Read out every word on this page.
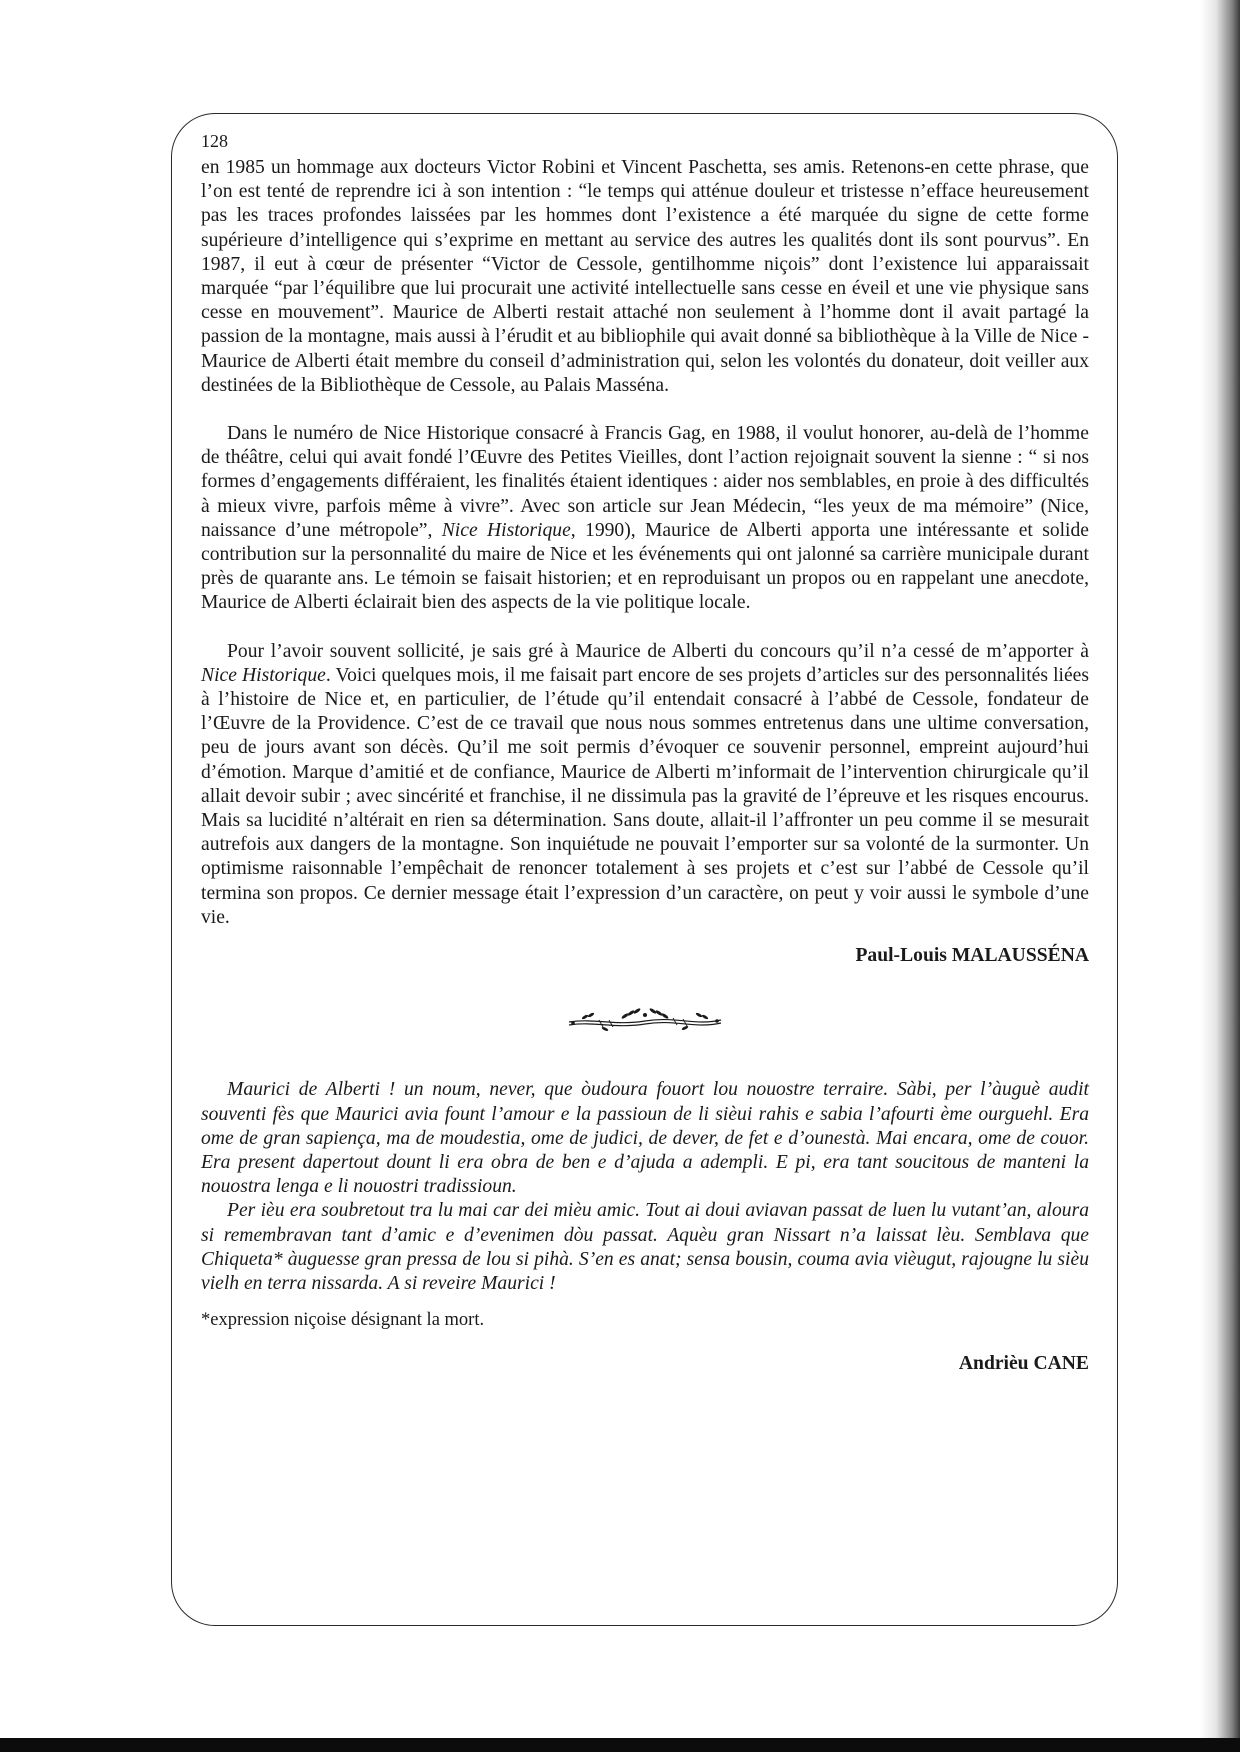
128

en 1985 un hommage aux docteurs Victor Robini et Vincent Paschetta, ses amis. Retenons-en cette phrase, que l’on est tenté de reprendre ici à son intention : “le temps qui atténue douleur et tristesse n’efface heureusement pas les traces profondes laissées par les hommes dont l’existence a été marquée du signe de cette forme supérieure d’intelligence qui s’exprime en mettant au service des autres les qualités dont ils sont pourvus”. En 1987, il eut à cœur de présenter “Victor de Cessole, gentilhomme niçois” dont l’existence lui apparaissait marquée “par l’équilibre que lui procurait une activité intellectuelle sans cesse en éveil et une vie physique sans cesse en mouvement”. Maurice de Alberti restait attaché non seulement à l’homme dont il avait partagé la passion de la montagne, mais aussi à l’érudit et au bibliophile qui avait donné sa bibliothèque à la Ville de Nice - Maurice de Alberti était membre du conseil d’administration qui, selon les volontés du donateur, doit veiller aux destinées de la Bibliothèque de Cessole, au Palais Masséna.

Dans le numéro de Nice Historique consacré à Francis Gag, en 1988, il voulut honorer, au-delà de l’homme de théâtre, celui qui avait fondé l’Œuvre des Petites Vieilles, dont l’action rejoignait souvent la sienne : “ si nos formes d’engagements différaient, les finalités étaient identiques : aider nos semblables, en proie à des difficultés à mieux vivre, parfois même à vivre”. Avec son article sur Jean Médecin, “les yeux de ma mémoire” (Nice, naissance d’une métropole”, Nice Historique, 1990), Maurice de Alberti apporta une intéressante et solide contribution sur la personnalité du maire de Nice et les événements qui ont jalonné sa carrière municipale durant près de quarante ans. Le témoin se faisait historien; et en reproduisant un propos ou en rappelant une anecdote, Maurice de Alberti éclairait bien des aspects de la vie politique locale.

Pour l’avoir souvent sollicité, je sais gré à Maurice de Alberti du concours qu’il n’a cessé de m’apporter à Nice Historique. Voici quelques mois, il me faisait part encore de ses projets d’articles sur des personnalités liées à l’histoire de Nice et, en particulier, de l’étude qu’il entendait consacré à l’abbé de Cessole, fondateur de l’Œuvre de la Providence. C’est de ce travail que nous nous sommes entretenus dans une ultime conversation, peu de jours avant son décès. Qu’il me soit permis d’évoquer ce souvenir personnel, empreint aujourd’hui d’émotion. Marque d’amitié et de confiance, Maurice de Alberti m’informait de l’intervention chirurgicale qu’il allait devoir subir ; avec sincérité et franchise, il ne dissimula pas la gravité de l’épreuve et les risques encourus. Mais sa lucidité n’altérait en rien sa détermination. Sans doute, allait-il l’affronter un peu comme il se mesurait autrefois aux dangers de la montagne. Son inquiétude ne pouvait l’emporter sur sa volonté de la surmonter. Un optimisme raisonnable l’empêchait de renoncer totalement à ses projets et c’est sur l’abbé de Cessole qu’il termina son propos. Ce dernier message était l’expression d’un caractère, on peut y voir aussi le symbole d’une vie.

Paul-Louis MALAUSSÉNA

Maurici de Alberti ! un noum, never, que òudoura fouort lou nouostre terraire. Sàbi, per l’àuguè audit souventi fès que Maurici avia fount l’amour e la passioun de li sièui rahis e sabia l’afourti ème ourguehl. Era ome de gran sapiença, ma de moudestia, ome de judici, de dever, de fet e d’ounestà. Mai encara, ome de couor. Era present dapertout dount li era obra de ben e d’ajuda a adempli. E pi, era tant soucitous de manteni la nouostra lenga e li nouostri tradissioun.

Per ièu era soubretout tra lu mai car dei mièu amic. Tout ai doui aviavan passat de luen lu vutant’an, aloura si remembravan tant d’amic e d’evenimen dòu passat. Aquèu gran Nissart n’a laissat lèu. Semblava que Chiqueta* àuguesse gran pressa de lou si pihà. S’en es anat; sensa bousin, couma avia vièugut, rajougne lu sièu vielh en terra nissarda. A si reveire Maurici !

*expression niçoise désignant la mort.
Andrièu CANE
